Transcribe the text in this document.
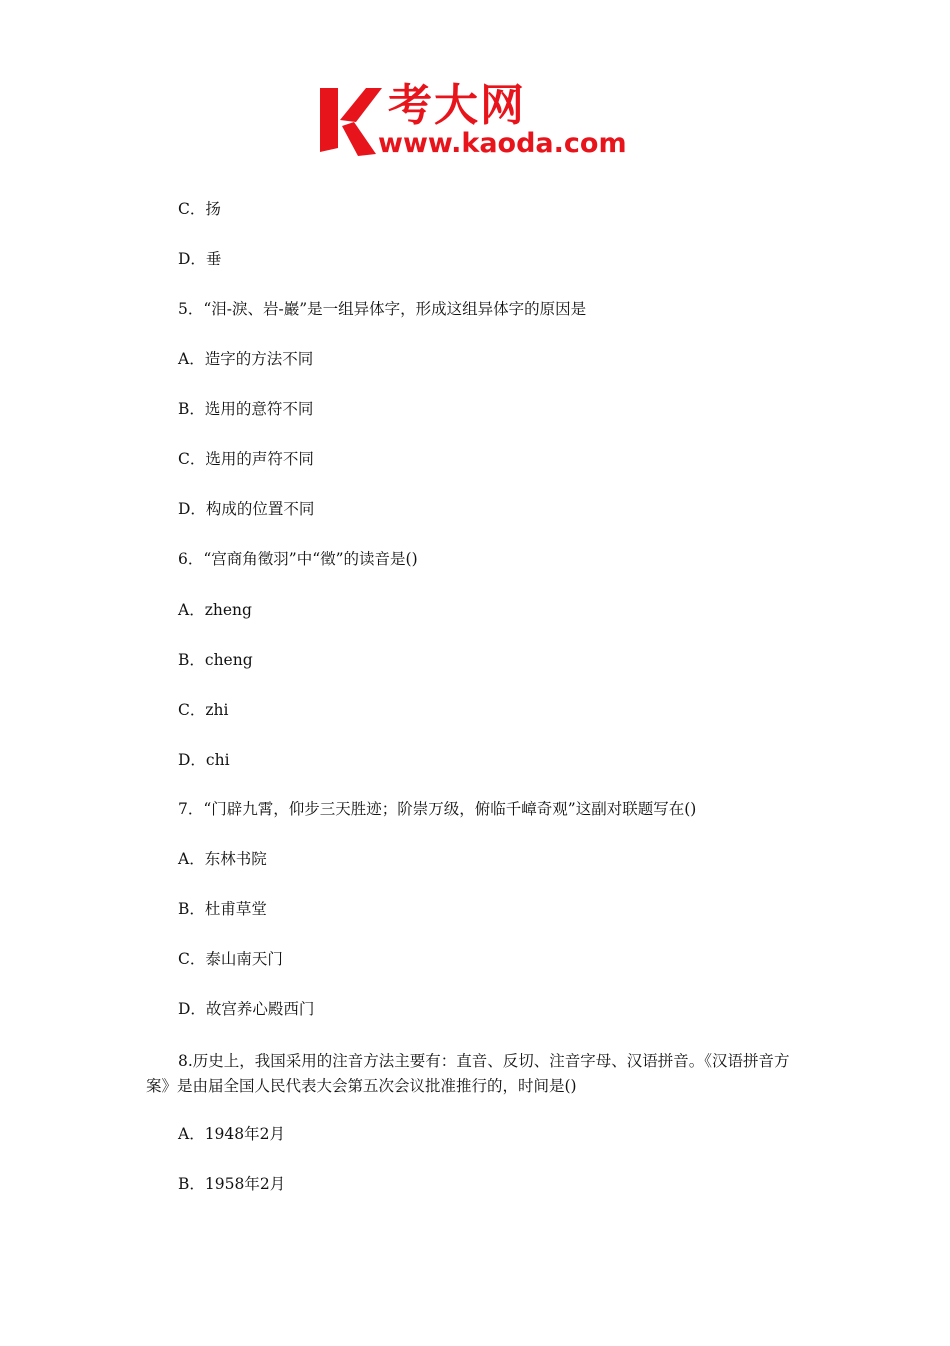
考大网
www.kaoda.com
C．扬
D．垂
5．“泪-淚、岩-巖”是一组异体字，形成这组异体字的原因是
A．造字的方法不同
B．选用的意符不同
C．选用的声符不同
D．构成的位置不同
6．“宫商角徵羽”中“徵”的读音是()
A．zheng
B．cheng
C．zhi
D．chi
7．“门辟九霄，仰步三天胜迹；阶崇万级，俯临千嶂奇观”这副对联题写在()
A．东林书院
B．杜甫草堂
C．泰山南天门
D．故宫养心殿西门
8.历史上，我国采用的注音方法主要有：直音、反切、注音字母、汉语拼音。《汉语拼音方案》是由届全国人民代表大会第五次会议批准推行的，时间是()
A．1948年2月
B．1958年2月
